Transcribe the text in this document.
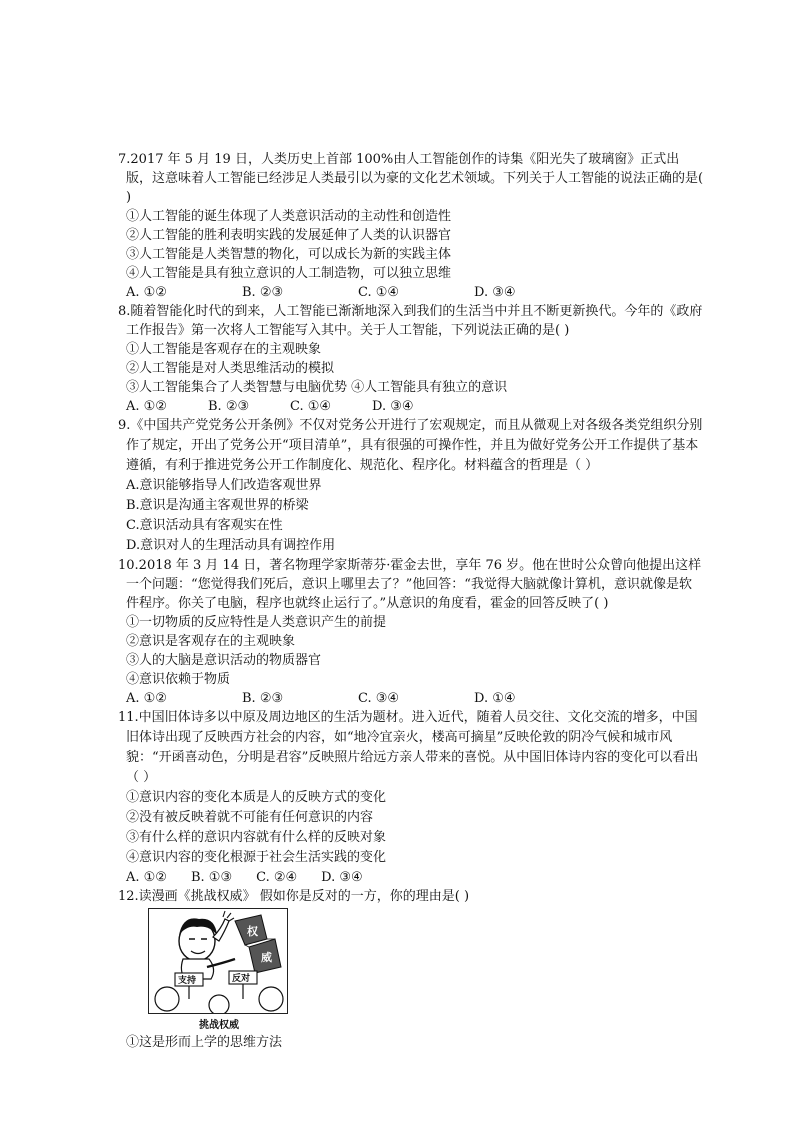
7.2017 年 5 月 19 日，人类历史上首部 100%由人工智能创作的诗集《阳光失了玻璃窗》正式出版，这意味着人工智能已经涉足人类最引以为豪的文化艺术领域。下列关于人工智能的说法正确的是( )

①人工智能的诞生体现了人类意识活动的主动性和创造性

②人工智能的胜利表明实践的发展延伸了人类的认识器官

③人工智能是人类智慧的物化，可以成长为新的实践主体

④人工智能是具有独立意识的人工制造物，可以独立思维

A. ①②	B. ②③	C. ①④	D. ③④

8.随着智能化时代的到来，人工智能已渐渐地深入到我们的生活当中并且不断更新换代。今年的《政府工作报告》第一次将人工智能写入其中。关于人工智能，下列说法正确的是( )

①人工智能是客观存在的主观映象

②人工智能是对人类思维活动的模拟

③人工智能集合了人类智慧与电脑优势 ④人工智能具有独立的意识

A. ①②	B. ②③	C. ①④	D. ③④

9.《中国共产党党务公开条例》不仅对党务公开进行了宏观规定，而且从微观上对各级各类党组织分别作了规定，开出了党务公开“项目清单”，具有很强的可操作性，并且为做好党务公开工作提供了基本遵循，有利于推进党务公开工作制度化、规范化、程序化。材料蕴含的哲理是（ ）

A.意识能够指导人们改造客观世界

B.意识是沟通主客观世界的桥梁

C.意识活动具有客观实在性

D.意识对人的生理活动具有调控作用

10.2018 年 3 月 14 日，著名物理学家斯蒂芬·霍金去世，享年 76 岁。他在世时公众曾向他提出这样一个问题：“您觉得我们死后，意识上哪里去了？”他回答：“我觉得大脑就像计算机，意识就像是软件程序。你关了电脑，程序也就终止运行了。”从意识的角度看，霍金的回答反映了( )

①一切物质的反应特性是人类意识产生的前提

②意识是客观存在的主观映象

③人的大脑是意识活动的物质器官

④意识依赖于物质

A. ①②	B. ②③	C. ③④	D. ①④

11.中国旧体诗多以中原及周边地区的生活为题材。进入近代，随着人员交往、文化交流的增多，中国旧体诗出现了反映西方社会的内容，如“地冷宜亲火，楼高可摘星”反映伦敦的阴冷气候和城市风貌：“开函喜动色，分明是君容”反映照片给远方亲人带来的喜悦。从中国旧体诗内容的变化可以看出（ ）

①意识内容的变化本质是人的反映方式的变化

②没有被反映着就不可能有任何意识的内容

③有什么样的意识内容就有什么样的反映对象

④意识内容的变化根源于社会生活实践的变化

A. ①② B. ①③ C. ②④ D. ③④

12.读漫画《挑战权威》 假如你是反对的一方，你的理由是( )

权
威
支持	反对
挑战权威

①这是形而上学的思维方法
